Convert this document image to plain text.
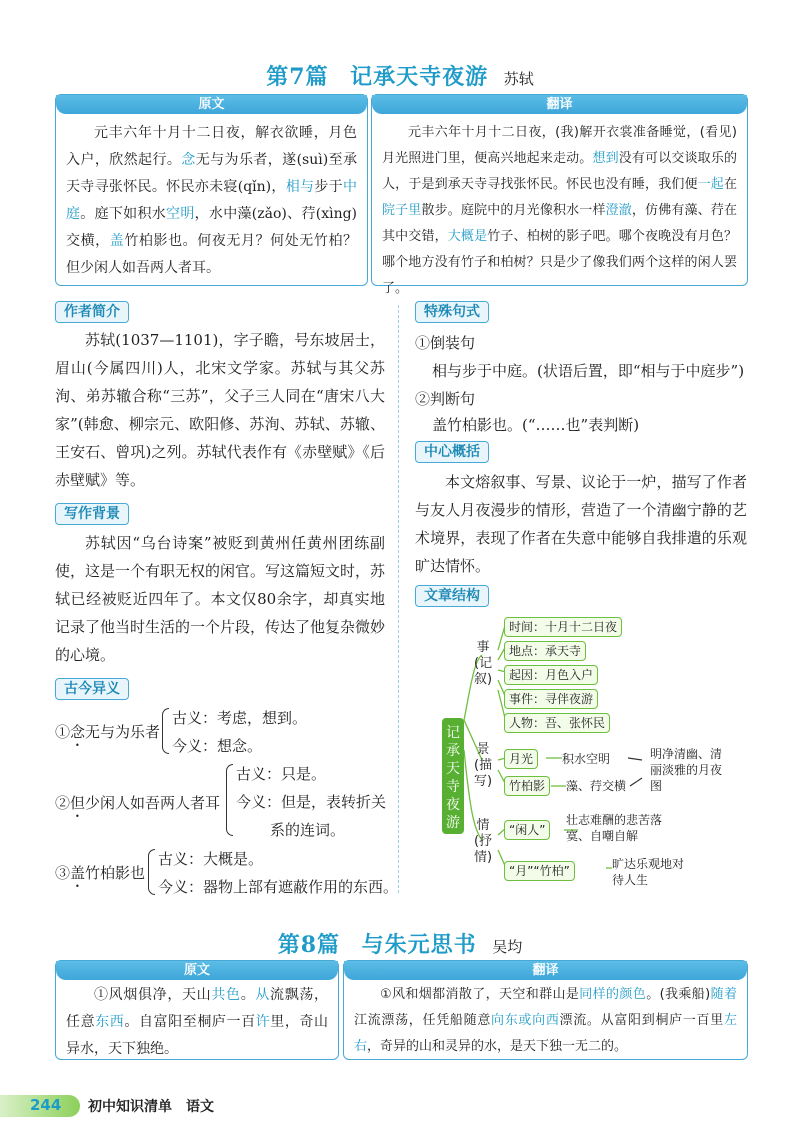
第7篇 记承天寺夜游 苏轼
原文
元丰六年十月十二日夜，解衣欲睡，月色入户，欣然起行。念无与为乐者，遂(suì)至承天寺寻张怀民。怀民亦未寝(qǐn)，相与步于中庭。庭下如积水空明，水中藻(zǎo)、荇(xìng)交横，盖竹柏影也。何夜无月？何处无竹柏？但少闲人如吾两人者耳。
翻译
元丰六年十月十二日夜，(我)解开衣裳准备睡觉，(看见)月光照进门里，便高兴地起来走动。想到没有可以交谈取乐的人，于是到承天寺寻找张怀民。怀民也没有睡，我们便一起在院子里散步。庭院中的月光像积水一样澄澈，仿佛有藻、荇在其中交错，大概是竹子、柏树的影子吧。哪个夜晚没有月色？哪个地方没有竹子和柏树？只是少了像我们两个这样的闲人罢了。
作者简介
苏轼(1037—1101)，字子瞻，号东坡居士，眉山(今属四川)人，北宋文学家。苏轼与其父苏洵、弟苏辙合称“三苏”，父子三人同在“唐宋八大家”(韩愈、柳宗元、欧阳修、苏洵、苏轼、苏辙、王安石、曾巩)之列。苏轼代表作有《赤壁赋》《后赤壁赋》等。
写作背景
苏轼因“乌台诗案”被贬到黄州任黄州团练副使，这是一个有职无权的闲官。写这篇短文时，苏轼已经被贬近四年了。本文仅80余字，却真实地记录了他当时生活的一个片段，传达了他复杂微妙的心境。
古今异义
①念无与为乐者
古义：考虑，想到。
今义：想念。
②但少闲人如吾两人者耳
古义：只是。
今义：但是，表转折关
系的连词。
③盖竹柏影也
古义：大概是。
今义：器物上部有遮蔽作用的东西。
特殊句式
①倒装句
相与步于中庭。(状语后置，即“相与于中庭步”)
②判断句
盖竹柏影也。(“……也”表判断)
中心概括
本文熔叙事、写景、议论于一炉，描写了作者与友人月夜漫步的情形，营造了一个清幽宁静的艺术境界，表现了作者在失意中能够自我排遣的乐观旷达情怀。
文章结构
记承天寺夜游
事(记叙)
景(描写)
情(抒情)
时间：十月十二日夜
地点：承天寺
起因：月色入户
事件：寻伴夜游
人物：吾、张怀民
月光	积水空明
竹柏影	藻、荇交横
明净清幽、清丽淡雅的月夜图
“闲人”
壮志难酬的悲苦落寞、自嘲自解
“月”“竹柏”	旷达乐观地对待人生
第8篇 与朱元思书 吴均
原文
①风烟俱净，天山共色。从流飘荡，任意东西。自富阳至桐庐一百许里，奇山异水，天下独绝。
翻译
①风和烟都消散了，天空和群山是同样的颜色。(我乘船)随着江流漂荡，任凭船随意向东或向西漂流。从富阳到桐庐一百里左右，奇异的山和灵异的水，是天下独一无二的。
244 初中知识清单　语文
